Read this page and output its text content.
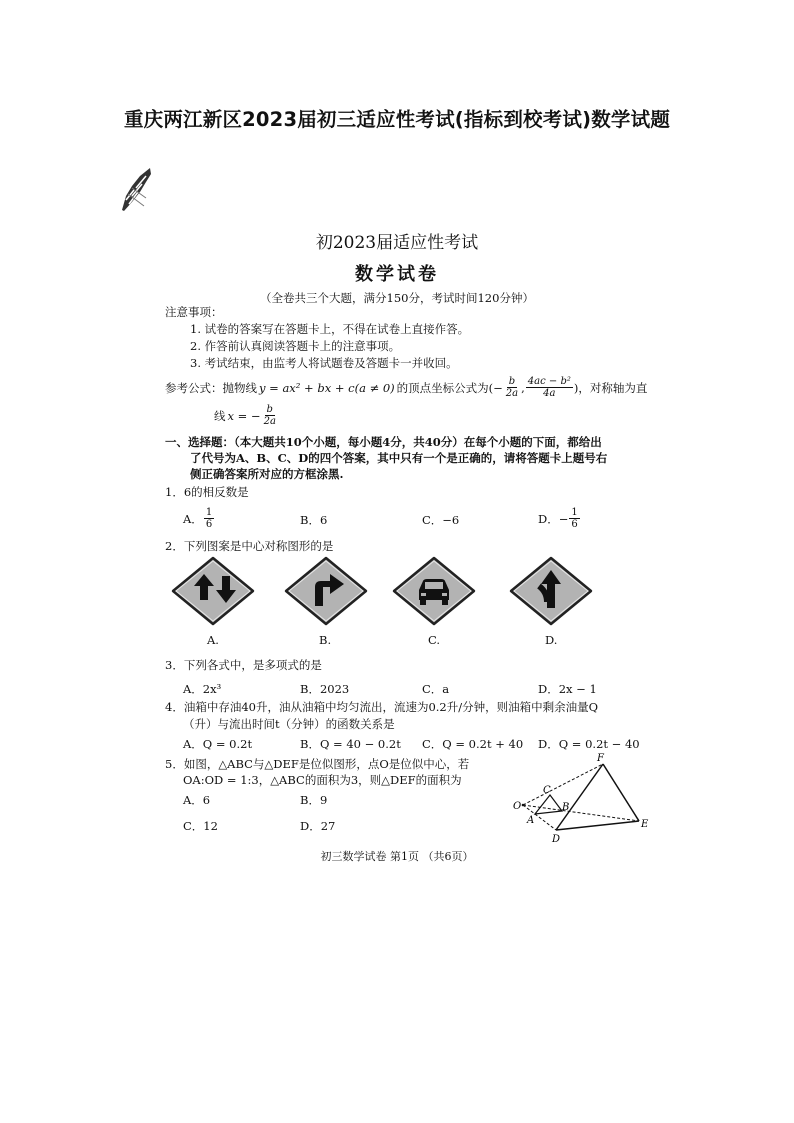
重庆两江新区2023届初三适应性考试(指标到校考试)数学试题
初2023届适应性考试
数学试卷
（全卷共三个大题，满分150分，考试时间120分钟）
注意事项：
1. 试卷的答案写在答题卡上，不得在试卷上直接作答。
2. 作答前认真阅读答题卡上的注意事项。
3. 考试结束，由监考人将试题卷及答题卡一并收回。
参考公式：抛物线 y = ax² + bx + c(a ≠ 0) 的顶点坐标公式为 (− $\frac{b}{2a}$ , $\frac{\text{4ac − b²}}{4a}$ ) ，对称轴为直
线 x = − $\frac{b}{2a}$
一、选择题：（本大题共10个小题，每小题4分，共40分）在每个小题的下面，都给出
了代号为A、B、C、D的四个答案，其中只有一个是正确的，请将答题卡上题号右
侧正确答案所对应的方框涂黑.
1．6的相反数是
A． $\frac{1}{6}$	B．6	C．−6	D．− $\frac{1}{6}$
2．下列图案是中心对称图形的是
A.	B.	C.	D.
3．下列各式中，是多项式的是
A．2x³	B．2023	C．a	D．2x − 1
4．油箱中存油40升，油从油箱中均匀流出，流速为0.2升/分钟，则油箱中剩余油量Q
（升）与流出时间t（分钟）的函数关系是
A．Q = 0.2t	B．Q = 40 − 0.2t C．Q = 0.2t + 40 D．Q = 0.2t − 40
5．如图，△ABC与△DEF是位似图形，点O是位似中心，若
OA:OD = 1:3，△ABC的面积为3，则△DEF的面积为
A．6	B．9
C．12	D．27
O
A
B
C
D
E
F
初三数学试卷 第1页 （共6页）
